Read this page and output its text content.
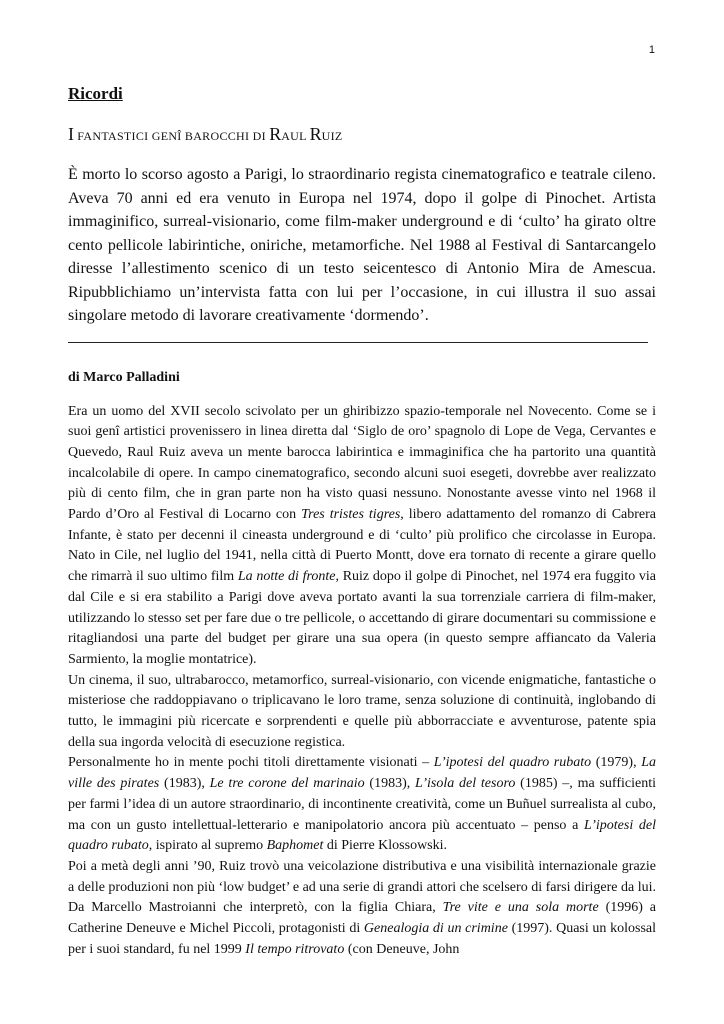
1

Ricordi

I FANTASTICI GENÎ BAROCCHI DI RAUL RUIZ

È morto lo scorso agosto a Parigi, lo straordinario regista cinematografico e teatrale cileno. Aveva 70 anni ed era venuto in Europa nel 1974, dopo il golpe di Pinochet. Artista immaginifico, surreal-visionario, come film-maker underground e di ‘culto’ ha girato oltre cento pellicole labirintiche, oniriche, metamorfiche. Nel 1988 al Festival di Santarcangelo diresse l’allestimento scenico di un testo seicentesco di Antonio Mira de Amescua. Ripubblichiamo un’intervista fatta con lui per l’occasione, in cui illustra il suo assai singolare metodo di lavorare creativamente ‘dormendo’.

di Marco Palladini

Era un uomo del XVII secolo scivolato per un ghiribizzo spazio-temporale nel Novecento. Come se i suoi genî artistici provenissero in linea diretta dal ‘Siglo de oro’ spagnolo di Lope de Vega, Cervantes e Quevedo, Raul Ruiz aveva un mente barocca labirintica e immaginifica che ha partorito una quantità incalcolabile di opere. In campo cinematografico, secondo alcuni suoi esegeti, dovrebbe aver realizzato più di cento film, che in gran parte non ha visto quasi nessuno. Nonostante avesse vinto nel 1968 il Pardo d’Oro al Festival di Locarno con Tres tristes tigres, libero adattamento del romanzo di Cabrera Infante, è stato per decenni il cineasta underground e di ‘culto’ più prolifico che circolasse in Europa. Nato in Cile, nel luglio del 1941, nella città di Puerto Montt, dove era tornato di recente a girare quello che rimarrà il suo ultimo film La notte di fronte, Ruiz dopo il golpe di Pinochet, nel 1974 era fuggito via dal Cile e si era stabilito a Parigi dove aveva portato avanti la sua torrenziale carriera di film-maker, utilizzando lo stesso set per fare due o tre pellicole, o accettando di girare documentari su commissione e ritagliandosi una parte del budget per girare una sua opera (in questo sempre affiancato da Valeria Sarmiento, la moglie montatrice).

Un cinema, il suo, ultrabarocco, metamorfico, surreal-visionario, con vicende enigmatiche, fantastiche o misteriose che raddoppiavano o triplicavano le loro trame, senza soluzione di continuità, inglobando di tutto, le immagini più ricercate e sorprendenti e quelle più abborracciate e avventurose, patente spia della sua ingorda velocità di esecuzione registica.

Personalmente ho in mente pochi titoli direttamente visionati – L’ipotesi del quadro rubato (1979), La ville des pirates (1983), Le tre corone del marinaio (1983), L’isola del tesoro (1985) –, ma sufficienti per farmi l’idea di un autore straordinario, di incontinente creatività, come un Buñuel surrealista al cubo, ma con un gusto intellettual-letterario e manipolatorio ancora più accentuato – penso a L’ipotesi del quadro rubato, ispirato al supremo Baphomet di Pierre Klossowski.

Poi a metà degli anni ’90, Ruiz trovò una veicolazione distributiva e una visibilità internazionale grazie a delle produzioni non più ‘low budget’ e ad una serie di grandi attori che scelsero di farsi dirigere da lui. Da Marcello Mastroianni che interpretò, con la figlia Chiara, Tre vite e una sola morte (1996) a Catherine Deneuve e Michel Piccoli, protagonisti di Genealogia di un crimine (1997). Quasi un kolossal per i suoi standard, fu nel 1999 Il tempo ritrovato (con Deneuve, John
